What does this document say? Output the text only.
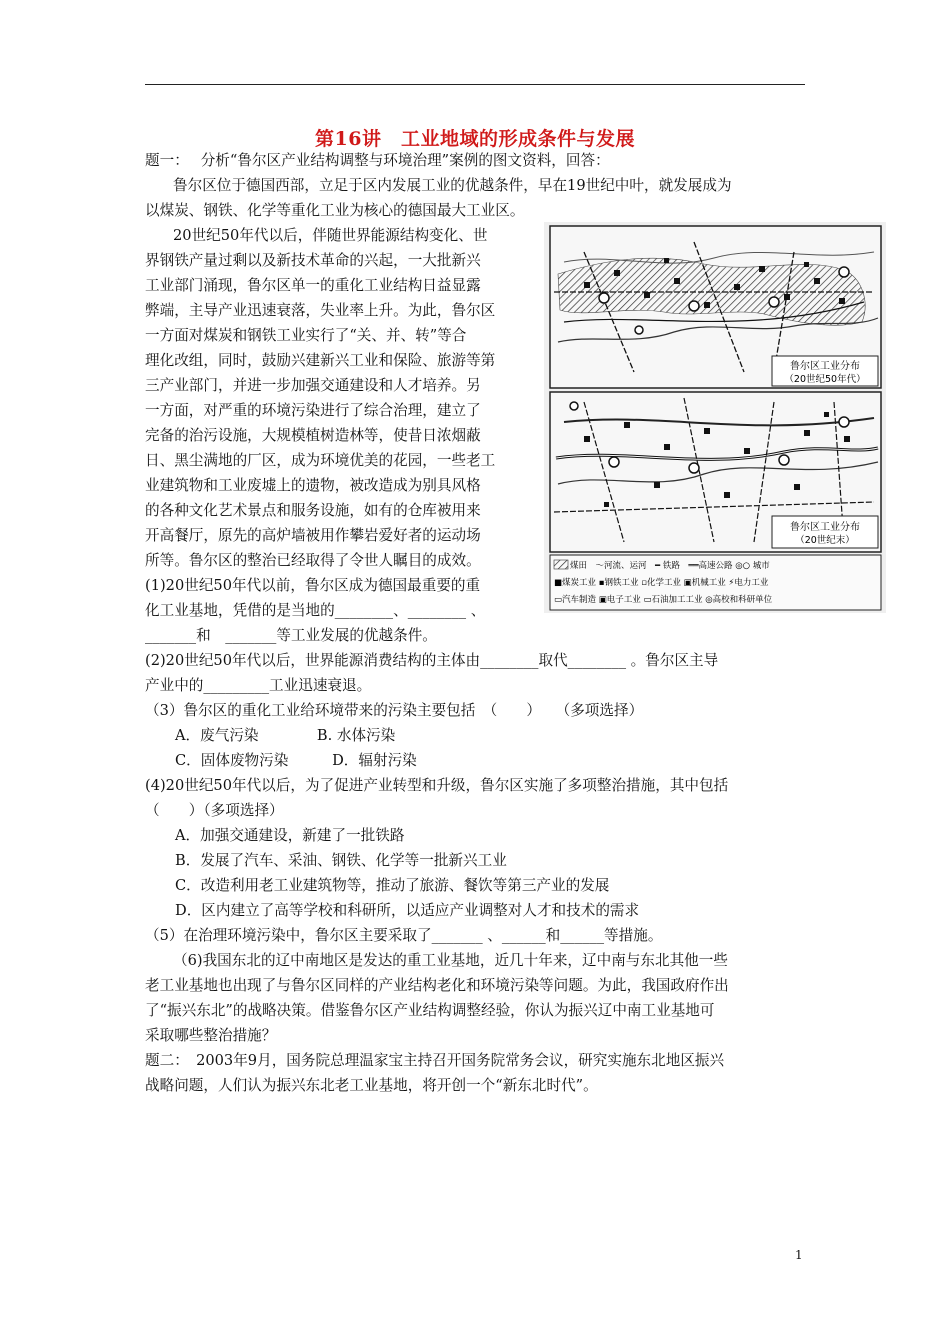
第16讲　工业地域的形成条件与发展
题一：　 分析“鲁尔区产业结构调整与环境治理”案例的图文资料，回答：
鲁尔区位于德国西部，立足于区内发展工业的优越条件，早在19世纪中叶，就发展成为
以煤炭、钢铁、化学等重化工业为核心的德国最大工业区。
20世纪50年代以后，伴随世界能源结构变化、世
界钢铁产量过剩以及新技术革命的兴起，一大批新兴
工业部门涌现，鲁尔区单一的重化工业结构日益显露
弊端，主导产业迅速衰落，失业率上升。为此，鲁尔区
一方面对煤炭和钢铁工业实行了“关、并、转”等合
理化改组，同时，鼓励兴建新兴工业和保险、旅游等第
三产业部门，并进一步加强交通建设和人才培养。另
一方面，对严重的环境污染进行了综合治理，建立了
完备的治污设施，大规模植树造林等，使昔日浓烟蔽
日、黑尘满地的厂区，成为环境优美的花园，一些老工
业建筑物和工业废墟上的遗物，被改造成为别具风格
的各种文化艺术景点和服务设施，如有的仓库被用来
开高餐厅，原先的高炉墙被用作攀岩爱好者的运动场
所等。鲁尔区的整治已经取得了令世人瞩目的成效。
(1)20世纪50年代以前，鲁尔区成为德国最重要的重
化工业基地，凭借的是当地的________、________ 、
_______和　_______等工业发展的优越条件。
(2)20世纪50年代以后，世界能源消费结构的主体由________取代________ 。鲁尔区主导
产业中的_________工业迅速衰退。
（3）鲁尔区的重化工业给环境带来的污染主要包括　（　　）　　（多项选择）
A．废气污染　　　　B. 水体污染
C．固体废物污染　　　D．辐射污染
(4)20世纪50年代以后，为了促进产业转型和升级，鲁尔区实施了多项整治措施，其中包括
（　　）（多项选择）
A．加强交通建设，新建了一批铁路
B．发展了汽车、采油、钢铁、化学等一批新兴工业
C．改造利用老工业建筑物等，推动了旅游、餐饮等第三产业的发展
D．区内建立了高等学校和科研所，以适应产业调整对人才和技术的需求
（5）在治理环境污染中，鲁尔区主要采取了_______ 、______和______等措施。
（6)我国东北的辽中南地区是发达的重工业基地，近几十年来，辽中南与东北其他一些
老工业基地也出现了与鲁尔区同样的产业结构老化和环境污染等问题。为此，我国政府作出
了“振兴东北”的战略决策。借鉴鲁尔区产业结构调整经验，你认为振兴辽中南工业基地可
采取哪些整治措施？
题二：　2003年9月，国务院总理温家宝主持召开国务院常务会议，研究实施东北地区振兴
战略问题，人们认为振兴东北老工业基地，将开创一个“新东北时代”。
鲁尔区工业分布
（20世纪50年代）
鲁尔区工业分布
（20世纪末）
煤田　～河流、运河　━ 铁路　══高速公路 ◎○ 城市
■煤炭工业 ▪钢铁工业 ▫化学工业 ▣机械工业 ⚡电力工业
▭汽车制造 ▣电子工业 ▭石油加工工业 ◎高校和科研单位
1
